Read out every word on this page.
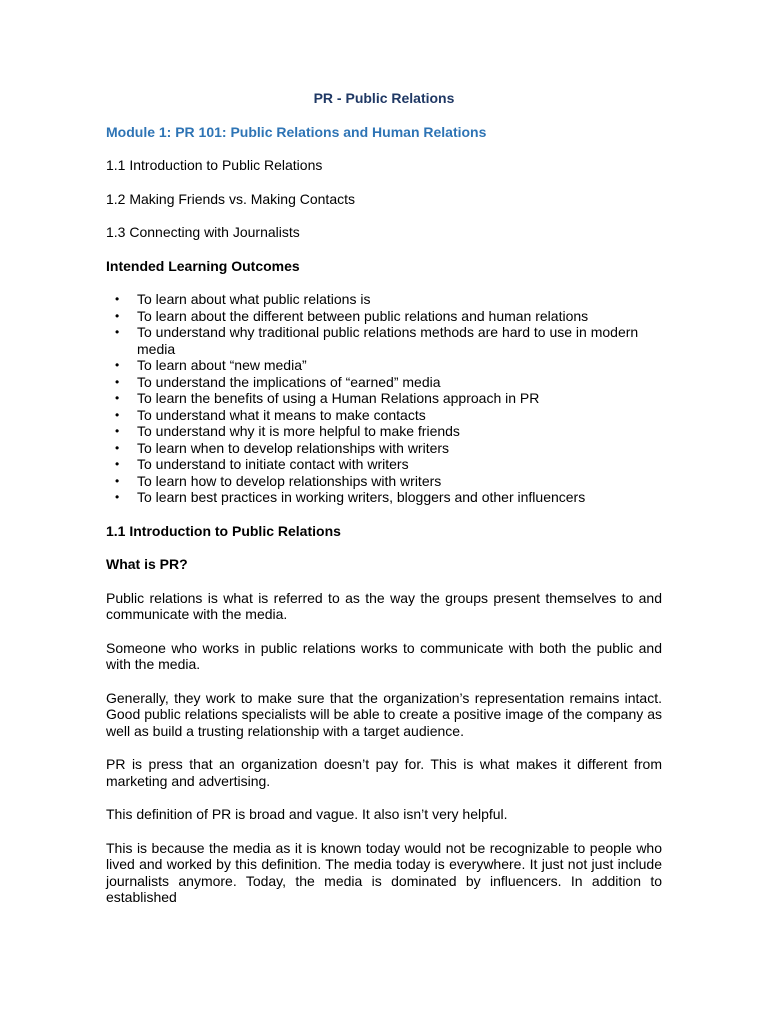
PR - Public Relations
Module 1: PR 101: Public Relations and Human Relations
1.1 Introduction to Public Relations
1.2 Making Friends vs. Making Contacts
1.3 Connecting with Journalists
Intended Learning Outcomes
• To learn about what public relations is
• To learn about the different between public relations and human relations
• To understand why traditional public relations methods are hard to use in modern media
• To learn about “new media”
• To understand the implications of “earned” media
• To learn the benefits of using a Human Relations approach in PR
• To understand what it means to make contacts
• To understand why it is more helpful to make friends
• To learn when to develop relationships with writers
• To understand to initiate contact with writers
• To learn how to develop relationships with writers
• To learn best practices in working writers, bloggers and other influencers
1.1 Introduction to Public Relations
What is PR?

Public relations is what is referred to as the way the groups present themselves to and communicate with the media.

Someone who works in public relations works to communicate with both the public and with the media.

Generally, they work to make sure that the organization’s representation remains intact. Good public relations specialists will be able to create a positive image of the company as well as build a trusting relationship with a target audience.

PR is press that an organization doesn’t pay for. This is what makes it different from marketing and advertising.

This definition of PR is broad and vague. It also isn’t very helpful.

This is because the media as it is known today would not be recognizable to people who lived and worked by this definition. The media today is everywhere. It just not just include journalists anymore. Today, the media is dominated by influencers. In addition to established
